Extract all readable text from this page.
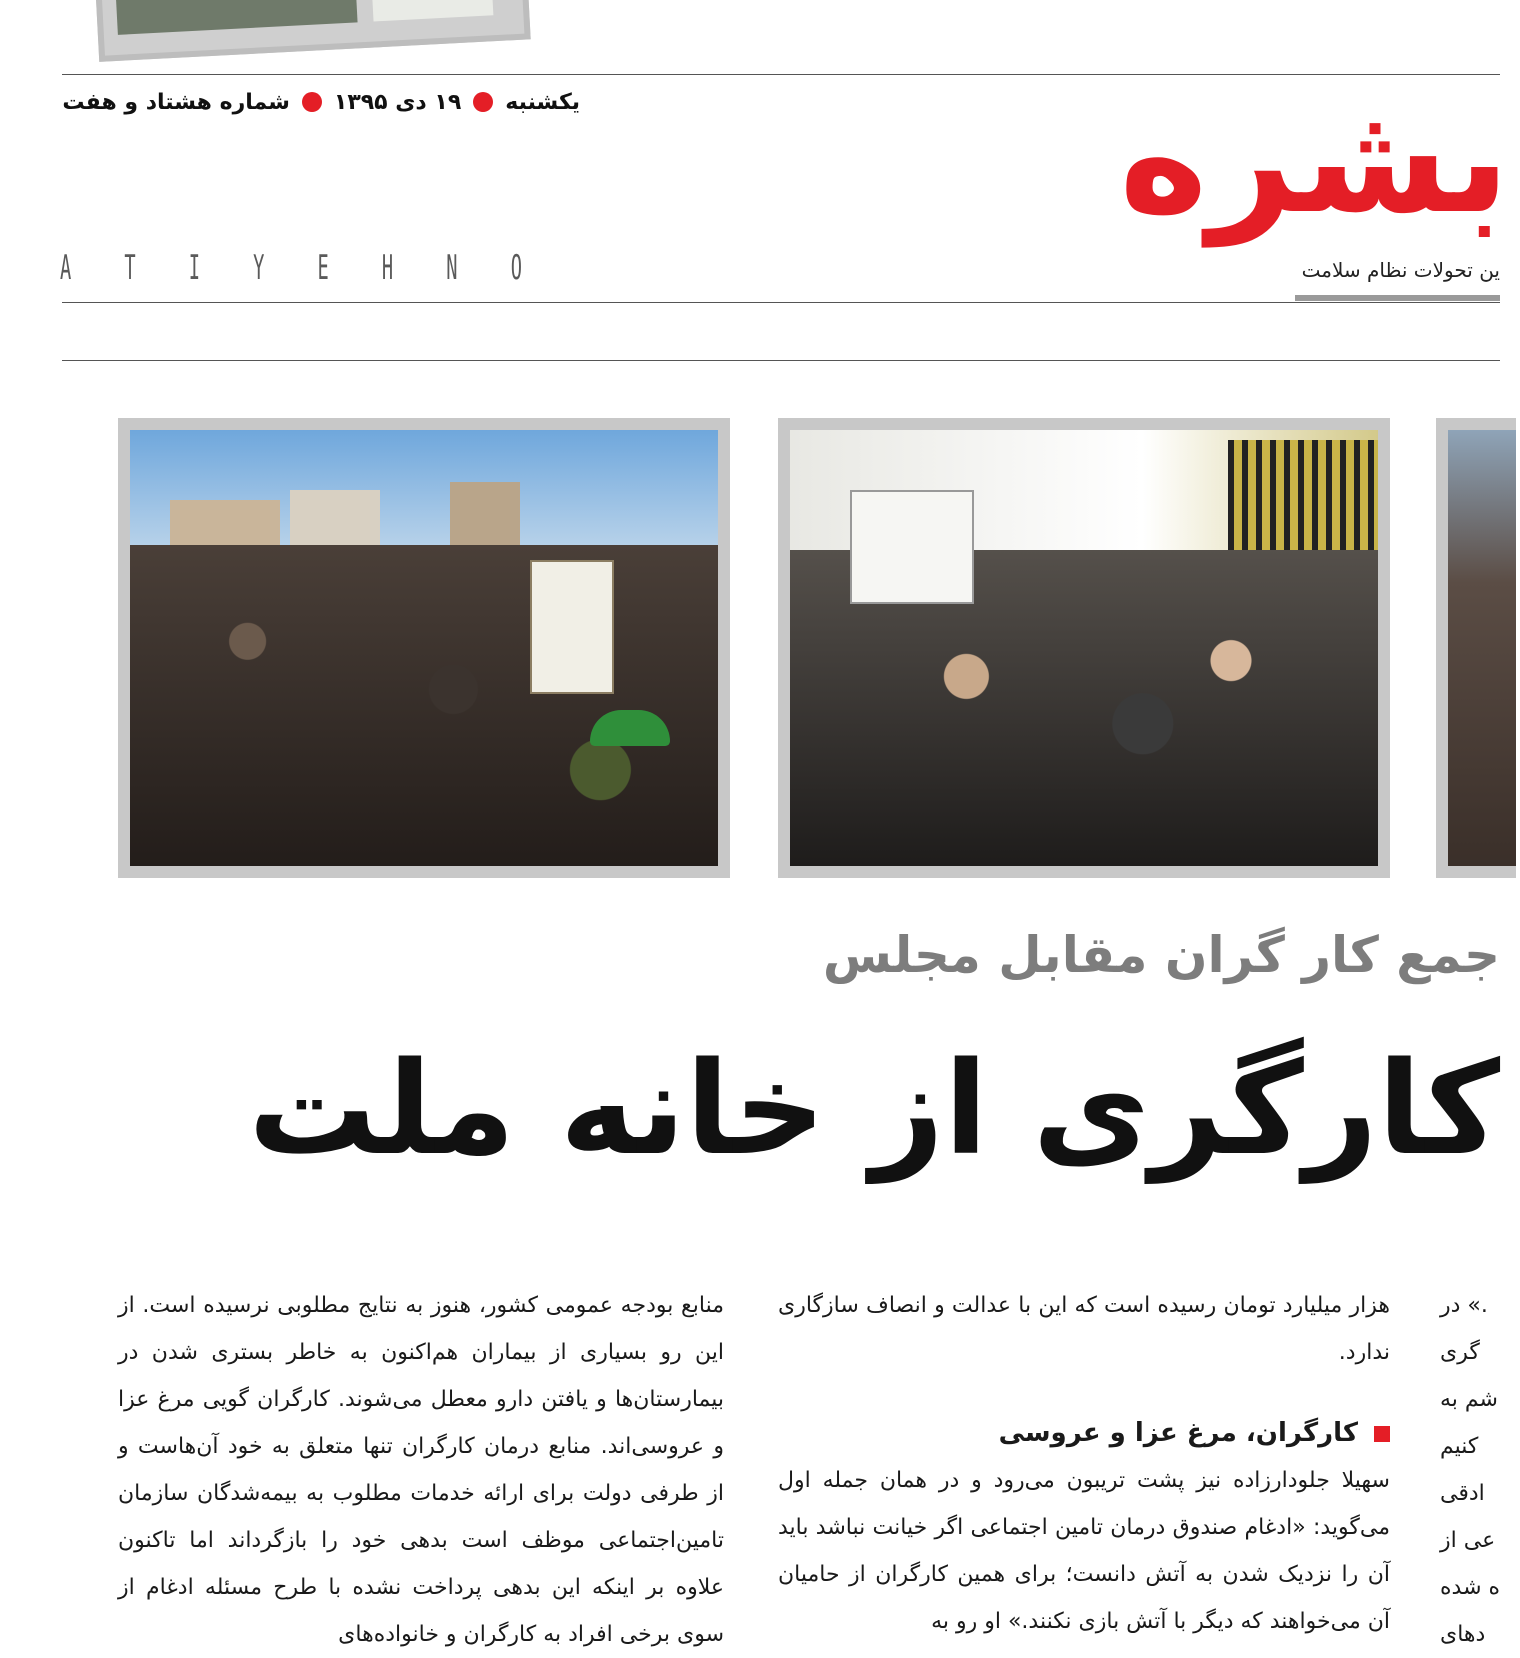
یکشنبه
۱۹ دی ۱۳۹۵
شماره هشتاد و هفت	بشره
ین تحولات نظام سلامت
A T I Y E H N O
جمع کار گران مقابل مجلس
کارگری از خانه ملت

منابع بودجه عمومی کشور، هنوز به نتایج مطلوبی نرسیده است. از این رو بسیاری از بیماران هم‌اکنون به خاطر بستری شدن در بیمارستان‌ها و یافتن دارو معطل می‌شوند. کارگران گویی مرغ عزا و عروسی‌اند. منابع درمان کارگران تنها متعلق به خود آن‌هاست و از طرفی دولت برای ارائه خدمات مطلوب به بیمه‌شدگان سازمان تامین‌اجتماعی موظف است بدهی خود را بازگرداند اما تاکنون علاوه بر اینکه این بدهی پرداخت نشده با طرح مسئله ادغام از سوی برخی افراد به کارگران و خانواده‌های

هزار میلیارد تومان رسیده است که این با عدالت و انصاف سازگاری ندارد.

کارگران، مرغ عزا و عروسی

سهیلا جلودارزاده نیز پشت تریبون می‌رود و در همان جمله اول می‌گوید: «ادغام صندوق درمان تامین اجتماعی اگر خیانت نباشد باید آن را نزدیک شدن به آتش دانست؛ برای همین کارگران از حامیان آن می‌خواهند که دیگر با آتش بازی نکنند.» او رو به

.» در
گری
شم به
کنیم
ادقی
عی از
ه شده
دهای
